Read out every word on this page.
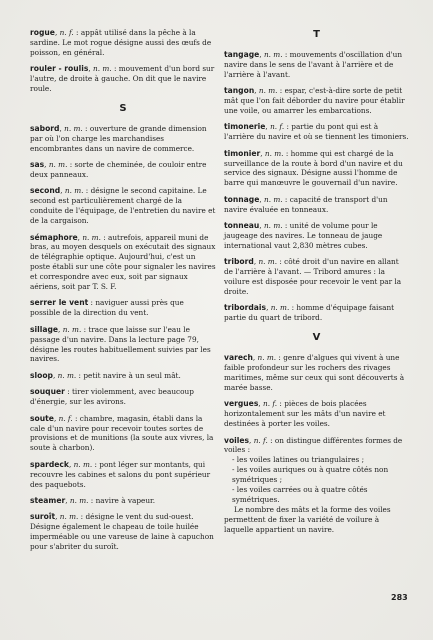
rogue, n. f. : appât utilisé dans la pêche à la sardine. Le mot rogue désigne aussi des œufs de poisson, en général.

rouler - roulis, n. m. : mouvement d'un bord sur l'autre, de droite à gauche. On dit que le navire roule.

S

sabord, n. m. : ouverture de grande dimension par où l'on charge les marchandises encombrantes dans un navire de commerce.

sas, n. m. : sorte de cheminée, de couloir entre deux panneaux.

second, n. m. : désigne le second capitaine. Le second est particulièrement chargé de la conduite de l'équipage, de l'entretien du navire et de la cargaison.

sémaphore, n. m. : autrefois, appareil muni de bras, au moyen desquels on exécutait des signaux de télégraphie optique. Aujourd'hui, c'est un poste établi sur une côte pour signaler les navires et correspondre avec eux, soit par signaux aériens, soit par T. S. F.

serrer le vent : naviguer aussi près que possible de la direction du vent.

sillage, n. m. : trace que laisse sur l'eau le passage d'un navire. Dans la lecture page 79, désigne les routes habituellement suivies par les navires.

sloop, n. m. : petit navire à un seul mât.

souquer : tirer violemment, avec beaucoup d'énergie, sur les avirons.

soute, n. f. : chambre, magasin, établi dans la cale d'un navire pour recevoir toutes sortes de provisions et de munitions (la soute aux vivres, la soute à charbon).

spardeck, n. m. : pont léger sur montants, qui recouvre les cabines et salons du pont supérieur des paquebots.

steamer, n. m. : navire à vapeur.

suroît, n. m. : désigne le vent du sud-ouest. Désigne également le chapeau de toile huilée imperméable ou une vareuse de laine à capuchon pour s'abriter du suroît.

T

tangage, n. m. : mouvements d'oscillation d'un navire dans le sens de l'avant à l'arrière et de l'arrière à l'avant.

tangon, n. m. : espar, c'est-à-dire sorte de petit mât que l'on fait déborder du navire pour établir une voile, ou amarrer les embarcations.

timonerie, n. f. : partie du pont qui est à l'arrière du navire et où se tiennent les timoniers.

timonier, n. m. : homme qui est chargé de la surveillance de la route à bord d'un navire et du service des signaux. Désigne aussi l'homme de barre qui manœuvre le gouvernail d'un navire.

tonnage, n. m. : capacité de transport d'un navire évaluée en tonneaux.

tonneau, n. m. : unité de volume pour le jaugeage des navires. Le tonneau de jauge international vaut 2,830 mètres cubes.

tribord, n. m. : côté droit d'un navire en allant de l'arrière à l'avant. — Tribord amures : la voilure est disposée pour recevoir le vent par la droite.

tribordais, n. m. : homme d'équipage faisant partie du quart de tribord.

V

varech, n. m. : genre d'algues qui vivent à une faible profondeur sur les rochers des rivages maritimes, même sur ceux qui sont découverts à marée basse.

vergues, n. f. : pièces de bois placées horizontalement sur les mâts d'un navire et destinées à porter les voiles.

voiles, n. f. : on distingue différentes formes de voiles :

- les voiles latines ou triangulaires ;
- les voiles auriques ou à quatre côtés non symétriques ;
- les voiles carrées ou à quatre côtés symétriques.

Le nombre des mâts et la forme des voiles permettent de fixer la variété de voilure à laquelle appartient un navire.

283
